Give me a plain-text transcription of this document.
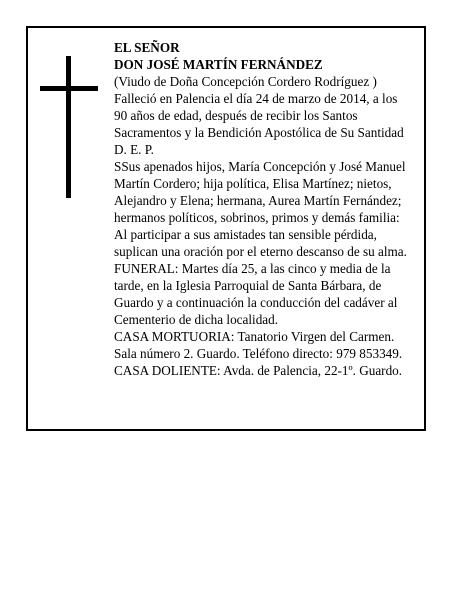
EL SEÑOR
DON JOSÉ MARTÍN FERNÁNDEZ
(Viudo de Doña Concepción Cordero Rodríguez )
Falleció en Palencia el día 24 de marzo de 2014, a los
90 años de edad, después de recibir los Santos
Sacramentos y la Bendición Apostólica de Su Santidad
D. E. P.
SSus apenados hijos, María Concepción y José Manuel
Martín Cordero; hija política, Elisa Martínez; nietos,
Alejandro y Elena; hermana, Aurea Martín Fernández;
hermanos políticos, sobrinos, primos y demás familia:
Al participar a sus amistades tan sensible pérdida,
suplican una oración por el eterno descanso de su alma.
FUNERAL: Martes día 25, a las cinco y media de la
tarde, en la Iglesia Parroquial de Santa Bárbara, de
Guardo y a continuación la conducción del cadáver al
Cementerio de dicha localidad.
CASA MORTUORIA: Tanatorio Virgen del Carmen.
Sala número 2. Guardo. Teléfono directo: 979 853349.
CASA DOLIENTE: Avda. de Palencia, 22-1º. Guardo.
